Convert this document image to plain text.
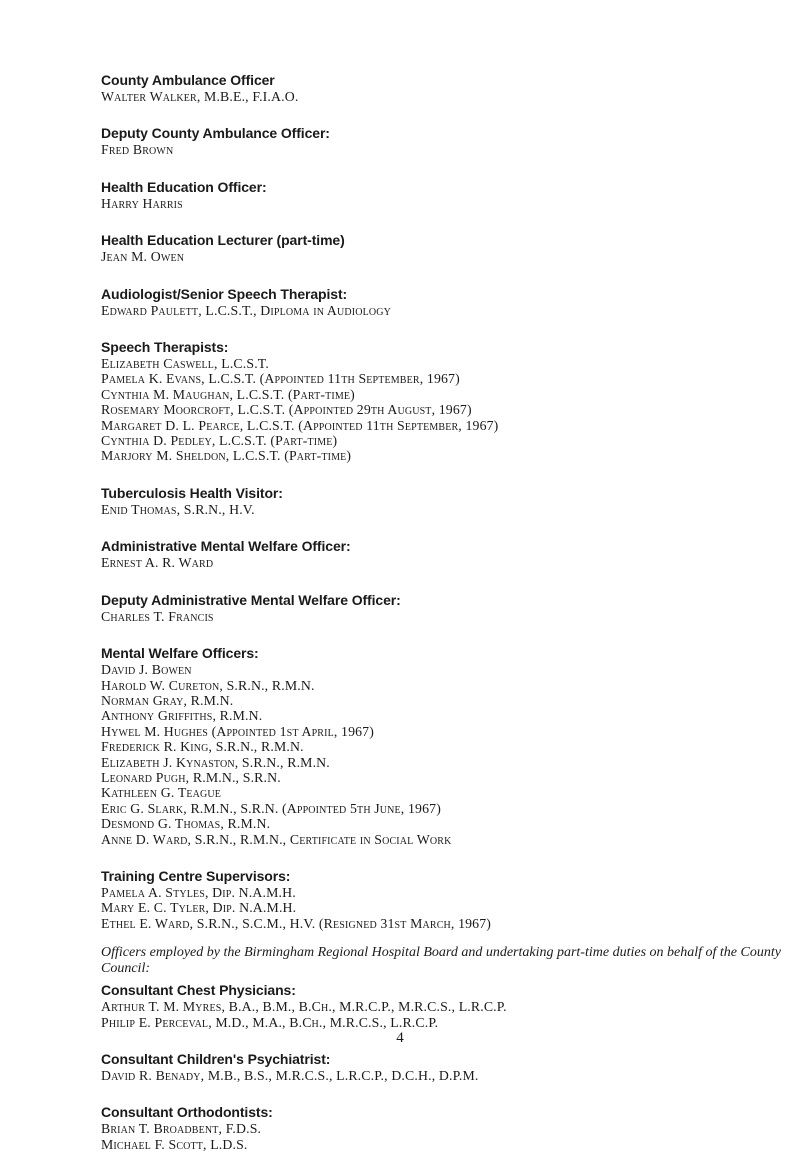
County Ambulance Officer

Walter Walker, M.B.E., F.I.A.O.

Deputy County Ambulance Officer:

Fred Brown

Health Education Officer:

Harry Harris

Health Education Lecturer (part-time)

Jean M. Owen

Audiologist/Senior Speech Therapist:

Edward Paulett, L.C.S.T., Diploma in Audiology

Speech Therapists:

Elizabeth Caswell, L.C.S.T.
Pamela K. Evans, L.C.S.T. (Appointed 11th September, 1967)
Cynthia M. Maughan, L.C.S.T. (Part-time)
Rosemary Moorcroft, L.C.S.T. (Appointed 29th August, 1967)
Margaret D. L. Pearce, L.C.S.T. (Appointed 11th September, 1967)
Cynthia D. Pedley, L.C.S.T. (Part-time)
Marjory M. Sheldon, L.C.S.T. (Part-time)

Tuberculosis Health Visitor:

Enid Thomas, S.R.N., H.V.

Administrative Mental Welfare Officer:

Ernest A. R. Ward

Deputy Administrative Mental Welfare Officer:

Charles T. Francis

Mental Welfare Officers:

David J. Bowen
Harold W. Cureton, S.R.N., R.M.N.
Norman Gray, R.M.N.
Anthony Griffiths, R.M.N.
Hywel M. Hughes (Appointed 1st April, 1967)
Frederick R. King, S.R.N., R.M.N.
Elizabeth J. Kynaston, S.R.N., R.M.N.
Leonard Pugh, R.M.N., S.R.N.
Kathleen G. Teague
Eric G. Slark, R.M.N., S.R.N. (Appointed 5th June, 1967)
Desmond G. Thomas, R.M.N.
Anne D. Ward, S.R.N., R.M.N., Certificate in Social Work

Training Centre Supervisors:

Pamela A. Styles, Dip. N.A.M.H.
Mary E. C. Tyler, Dip. N.A.M.H.
Ethel E. Ward, S.R.N., S.C.M., H.V. (Resigned 31st March, 1967)

Officers employed by the Birmingham Regional Hospital Board and undertaking part-time duties on behalf of the County Council:

Consultant Chest Physicians:

Arthur T. M. Myres, B.A., B.M., B.Ch., M.R.C.P., M.R.C.S., L.R.C.P.
Philip E. Perceval, M.D., M.A., B.Ch., M.R.C.S., L.R.C.P.

Consultant Children's Psychiatrist:

David R. Benady, M.B., B.S., M.R.C.S., L.R.C.P., D.C.H., D.P.M.

Consultant Orthodontists:

Brian T. Broadbent, F.D.S.
Michael F. Scott, L.D.S.
4
